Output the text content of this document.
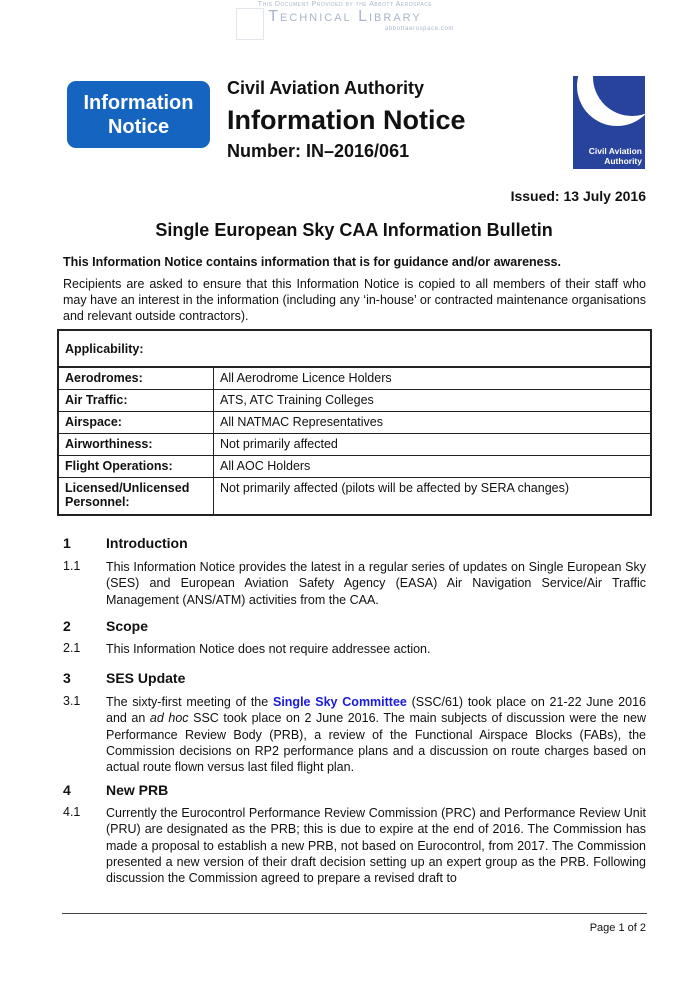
This Document Provided by the Abbott Aerospace
Technical Library
abbottaerospace.com
Information
Notice
Civil Aviation Authority
Information Notice
Number: IN–2016/061	Civil Aviation
Authority
Issued: 13 July 2016
Single European Sky CAA Information Bulletin
This Information Notice contains information that is for guidance and/or awareness.
Recipients are asked to ensure that this Information Notice is copied to all members of their staff who may have an interest in the information (including any ‘in-house’ or contracted maintenance organisations and relevant outside contractors).
Applicability:	
Aerodromes:	All Aerodrome Licence Holders
Air Traffic:	ATS, ATC Training Colleges
Airspace:	All NATMAC Representatives
Airworthiness:	Not primarily affected
Flight Operations:	All AOC Holders
Licensed/Unlicensed Personnel:	Not primarily affected (pilots will be affected by SERA changes)
1	Introduction
1.1 This Information Notice provides the latest in a regular series of updates on Single European Sky (SES) and European Aviation Safety Agency (EASA) Air Navigation Service/Air Traffic Management (ANS/ATM) activities from the CAA.
2	Scope
2.1 This Information Notice does not require addressee action.
3	SES Update
3.1 The sixty-first meeting of the Single Sky Committee (SSC/61) took place on 21-22 June 2016 and an ad hoc SSC took place on 2 June 2016. The main subjects of discussion were the new Performance Review Body (PRB), a review of the Functional Airspace Blocks (FABs), the Commission decisions on RP2 performance plans and a discussion on route charges based on actual route flown versus last filed flight plan.
4	New PRB
4.1 Currently the Eurocontrol Performance Review Commission (PRC) and Performance Review Unit (PRU) are designated as the PRB; this is due to expire at the end of 2016. The Commission has made a proposal to establish a new PRB, not based on Eurocontrol, from 2017. The Commission presented a new version of their draft decision setting up an expert group as the PRB. Following discussion the Commission agreed to prepare a revised draft to
Page 1 of 2
